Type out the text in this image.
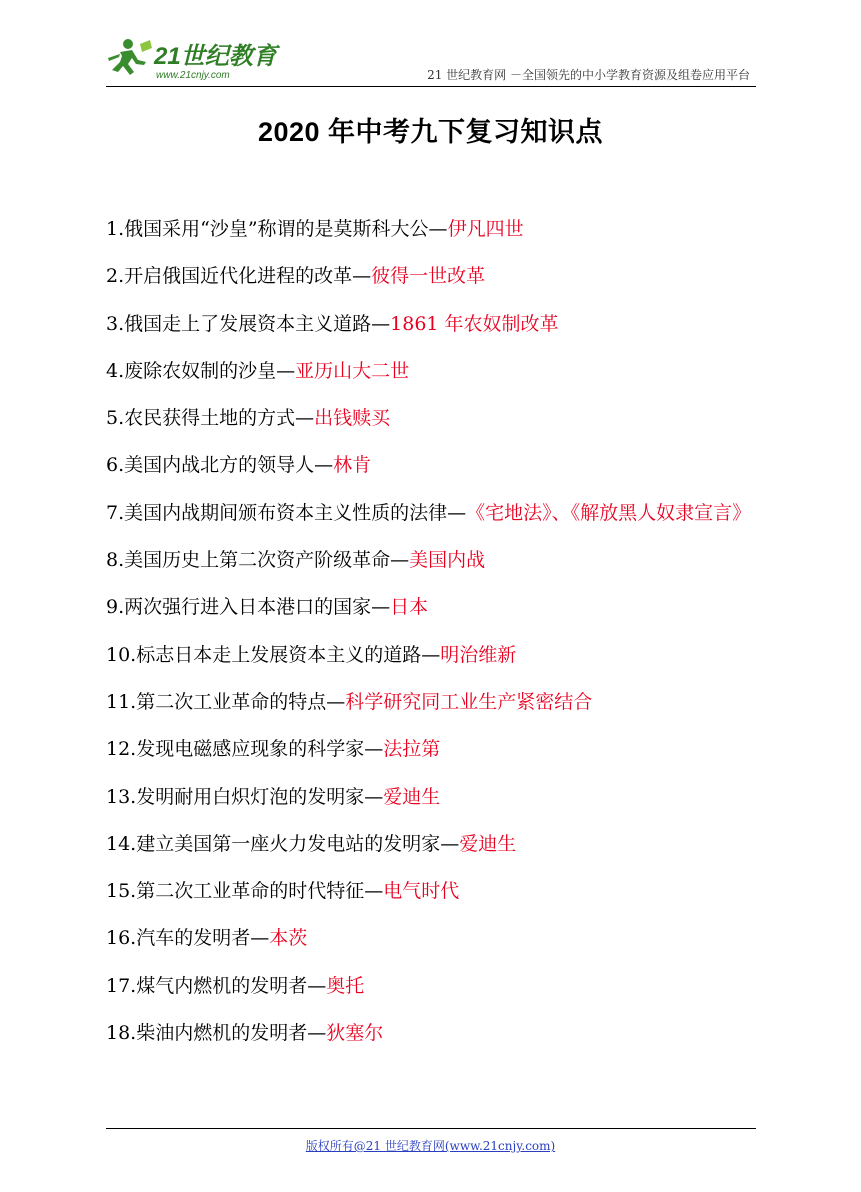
21世纪教育
www.21cnjy.com	21 世纪教育网 －全国领先的中小学教育资源及组卷应用平台
2020 年中考九下复习知识点
1.俄国采用“沙皇”称谓的是莫斯科大公—伊凡四世
2.开启俄国近代化进程的改革—彼得一世改革
3.俄国走上了发展资本主义道路—1861 年农奴制改革
4.废除农奴制的沙皇—亚历山大二世
5.农民获得土地的方式—出钱赎买
6.美国内战北方的领导人—林肯
7.美国内战期间颁布资本主义性质的法律—《宅地法》、《解放黑人奴隶宣言》
8.美国历史上第二次资产阶级革命—美国内战
9.两次强行进入日本港口的国家—日本
10.标志日本走上发展资本主义的道路—明治维新
11.第二次工业革命的特点—科学研究同工业生产紧密结合
12.发现电磁感应现象的科学家—法拉第
13.发明耐用白炽灯泡的发明家—爱迪生
14.建立美国第一座火力发电站的发明家—爱迪生
15.第二次工业革命的时代特征—电气时代
16.汽车的发明者—本茨
17.煤气内燃机的发明者—奥托
18.柴油内燃机的发明者—狄塞尔
版权所有@21 世纪教育网(www.21cnjy.com)
